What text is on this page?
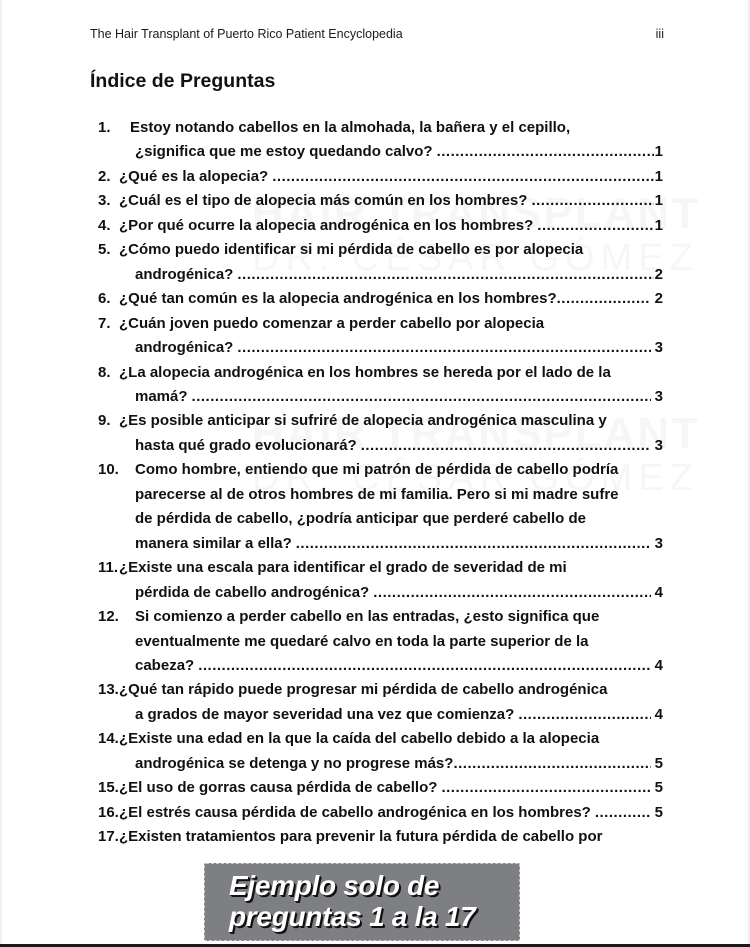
The Hair Transplant of Puerto Rico Patient Encyclopedia	iii
Índice de Preguntas
1. Estoy notando cabellos en la almohada, la bañera y el cepillo,
¿significa que me estoy quedando calvo? .....	1
2. ¿Qué es la alopecia? .....	1
3. ¿Cuál es el tipo de alopecia más común en los hombres? .....	1
4. ¿Por qué ocurre la alopecia androgénica en los hombres? .....	1
5. ¿Cómo puedo identificar si mi pérdida de cabello es por alopecia
androgénica? .....	2
6. ¿Qué tan común es la alopecia androgénica en los hombres? .....	2
7. ¿Cuán joven puedo comenzar a perder cabello por alopecia
androgénica? .....	3
8. ¿La alopecia androgénica en los hombres se hereda por el lado de la
mamá? .....	3
9. ¿Es posible anticipar si sufriré de alopecia androgénica masculina y
hasta qué grado evolucionará? .....	3
10. Como hombre, entiendo que mi patrón de pérdida de cabello podría
parecerse al de otros hombres de mi familia. Pero si mi madre sufre
de pérdida de cabello, ¿podría anticipar que perderé cabello de
manera similar a ella? .....	3
11. ¿Existe una escala para identificar el grado de severidad de mi
pérdida de cabello androgénica? .....	4
12. Si comienzo a perder cabello en las entradas, ¿esto significa que
eventualmente me quedaré calvo en toda la parte superior de la
cabeza? .....	4
13. ¿Qué tan rápido puede progresar mi pérdida de cabello androgénica
a grados de mayor severidad una vez que comienza? .....	4
14. ¿Existe una edad en la que la caída del cabello debido a la alopecia
androgénica se detenga y no progrese más? .....	5
15. ¿El uso de gorras causa pérdida de cabello? .....	5
16. ¿El estrés causa pérdida de cabello androgénica en los hombres? .....	5
17. ¿Existen tratamientos para prevenir la futura pérdida de cabello por
Ejemplo solo de
preguntas 1 a la 17
